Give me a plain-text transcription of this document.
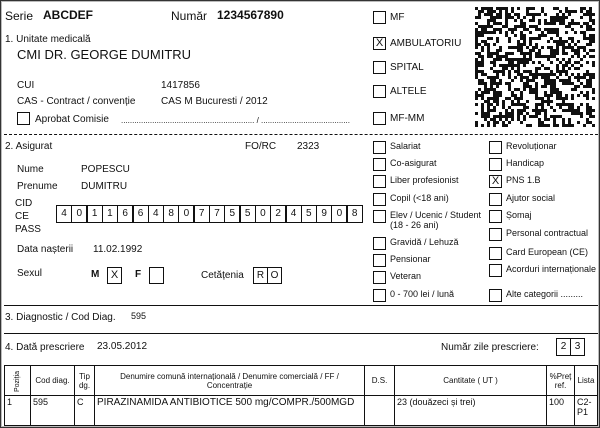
Serie ABCDEF	Număr 1234567890	MF
X AMBULATORIU
SPITAL
ALTELE
MF-MM
1. Unitate medicală
CMI DR. GEORGE DUMITRU
CUI	1417856
CAS - Contract / convenție	CAS M Bucuresti / 2012
Aprobat Comisie ............................................................ / ........................................
2. Asigurat	FO/RC 2323
Nume	POPESCU
Prenume DUMITRU
CID
CE
PASS
4 0 1 1 6 6 4 8 0 7 7 5 5 0 2 4 5 9 0 8
Data nașterii 11.02.1992
Sexul	M	X	F	Cetățenia	R O
Salariat
Co-asigurat
Liber profesionist
Copil (<18 ani)
Elev / Ucenic / Student (18 - 26 ani)
Gravidă / Lehuză
Pensionar
Veteran
0 - 700 lei / lună
Revoluționar
Handicap
X PNS 1.B
Ajutor social
Șomaj
Personal contractual
Card European (CE)
Acorduri internaționale
Alte categorii .........
3. Diagnostic / Cod Diag. 595
4. Dată prescriere 23.05.2012	Număr zile prescriere:	2 3
Poziția	Cod diag.	Tip dg.	Denumire comună internațională / Denumire comercială / FF / Concentrație	D.S.	Cantitate ( UT )	%Preț ref.	Lista
1	595	C	PIRAZINAMIDA ANTIBIOTICE 500 mg/COMPR./500MGD		23 (douăzeci și trei)	100	C2-P1
